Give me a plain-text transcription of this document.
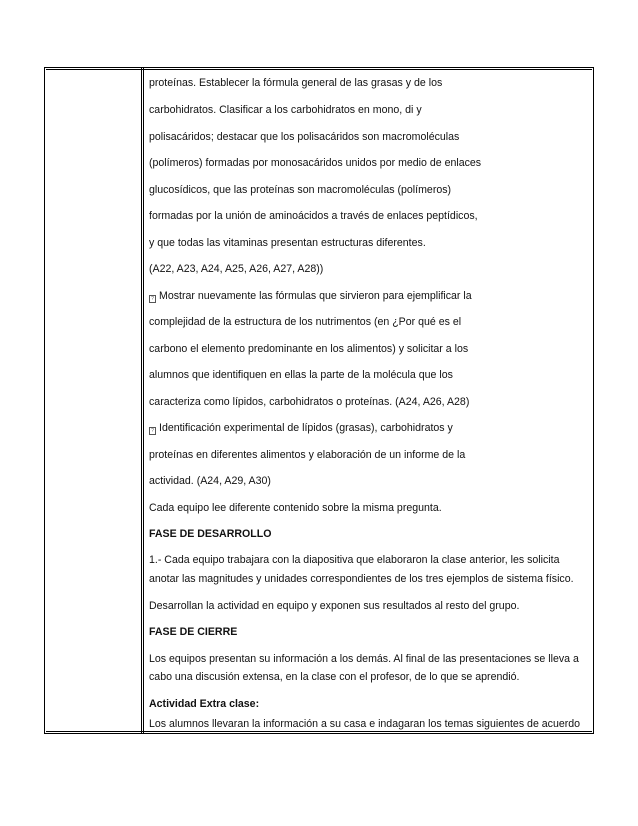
proteínas. Establecer la fórmula general de las grasas y de los
carbohidratos. Clasificar a los carbohidratos en mono, di y
polisacáridos; destacar que los polisacáridos son macromoléculas
(polímeros) formadas por monosacáridos unidos por medio de enlaces
glucosídicos, que las proteínas son macromoléculas (polímeros)
formadas por la unión de aminoácidos a través de enlaces peptídicos,
y que todas las vitaminas presentan estructuras diferentes.
(A22, A23, A24, A25, A26, A27, A28))
? Mostrar nuevamente las fórmulas que sirvieron para ejemplificar la
complejidad de la estructura de los nutrimentos (en ¿Por qué es el
carbono el elemento predominante en los alimentos) y solicitar a los
alumnos que identifiquen en ellas la parte de la molécula que los
caracteriza como lípidos, carbohidratos o proteínas. (A24, A26, A28)
? Identificación experimental de lípidos (grasas), carbohidratos y
proteínas en diferentes alimentos y elaboración de un informe de la
actividad. (A24, A29, A30)
Cada equipo lee diferente contenido sobre la misma pregunta.
FASE DE DESARROLLO
1.- Cada equipo trabajara con la diapositiva que elaboraron la clase anterior, les solicita
anotar las magnitudes y unidades correspondientes de los tres ejemplos de sistema físico.
Desarrollan la actividad en equipo y exponen sus resultados al resto del grupo.
FASE DE CIERRE
Los equipos presentan su información a los demás. Al final de las presentaciones se lleva a
cabo una discusión extensa, en la clase con el profesor, de lo que se aprendió.
Actividad Extra clase:
Los alumnos llevaran la información a su casa e indagaran los temas siguientes de acuerdo
